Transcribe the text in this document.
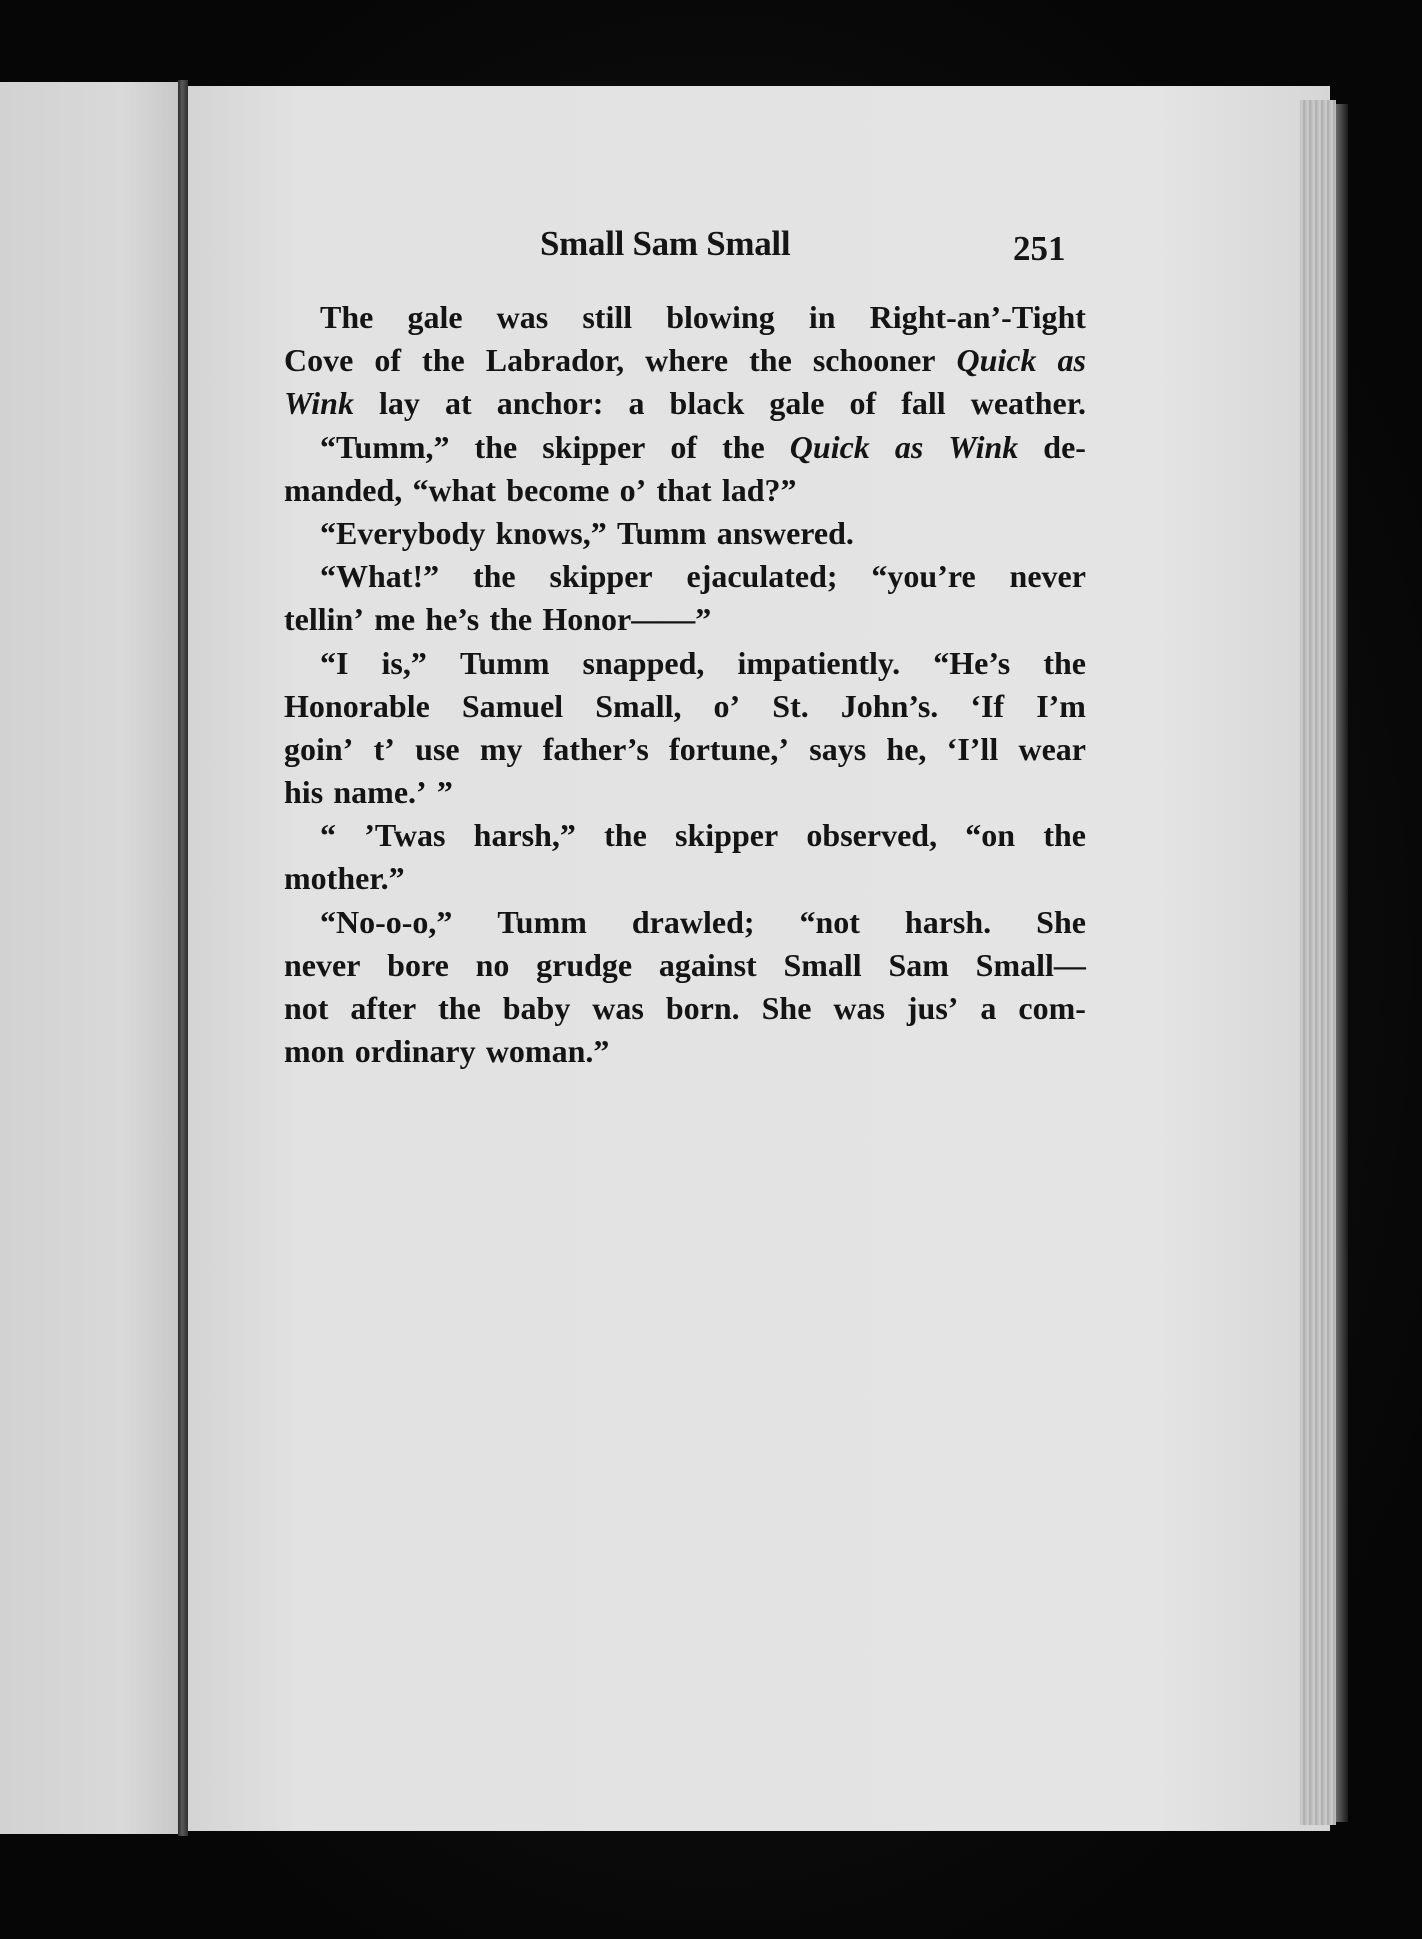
Small Sam Small	251
The gale was still blowing in Right-an’-Tight
Cove of the Labrador, where the schooner Quick as
Wink lay at anchor: a black gale of fall weather.
“Tumm,” the skipper of the Quick as Wink de-
manded, “what become o’ that lad?”
“Everybody knows,” Tumm answered.
“What!” the skipper ejaculated; “you’re never
tellin’ me he’s the Honor——”
“I is,” Tumm snapped, impatiently. “He’s the
Honorable Samuel Small, o’ St. John’s. ‘If I’m
goin’ t’ use my father’s fortune,’ says he, ‘I’ll wear
his name.’ ”
“ ’Twas harsh,” the skipper observed, “on the
mother.”
“No-o-o,” Tumm drawled; “not harsh. She
never bore no grudge against Small Sam Small—
not after the baby was born. She was jus’ a com-
mon ordinary woman.”
